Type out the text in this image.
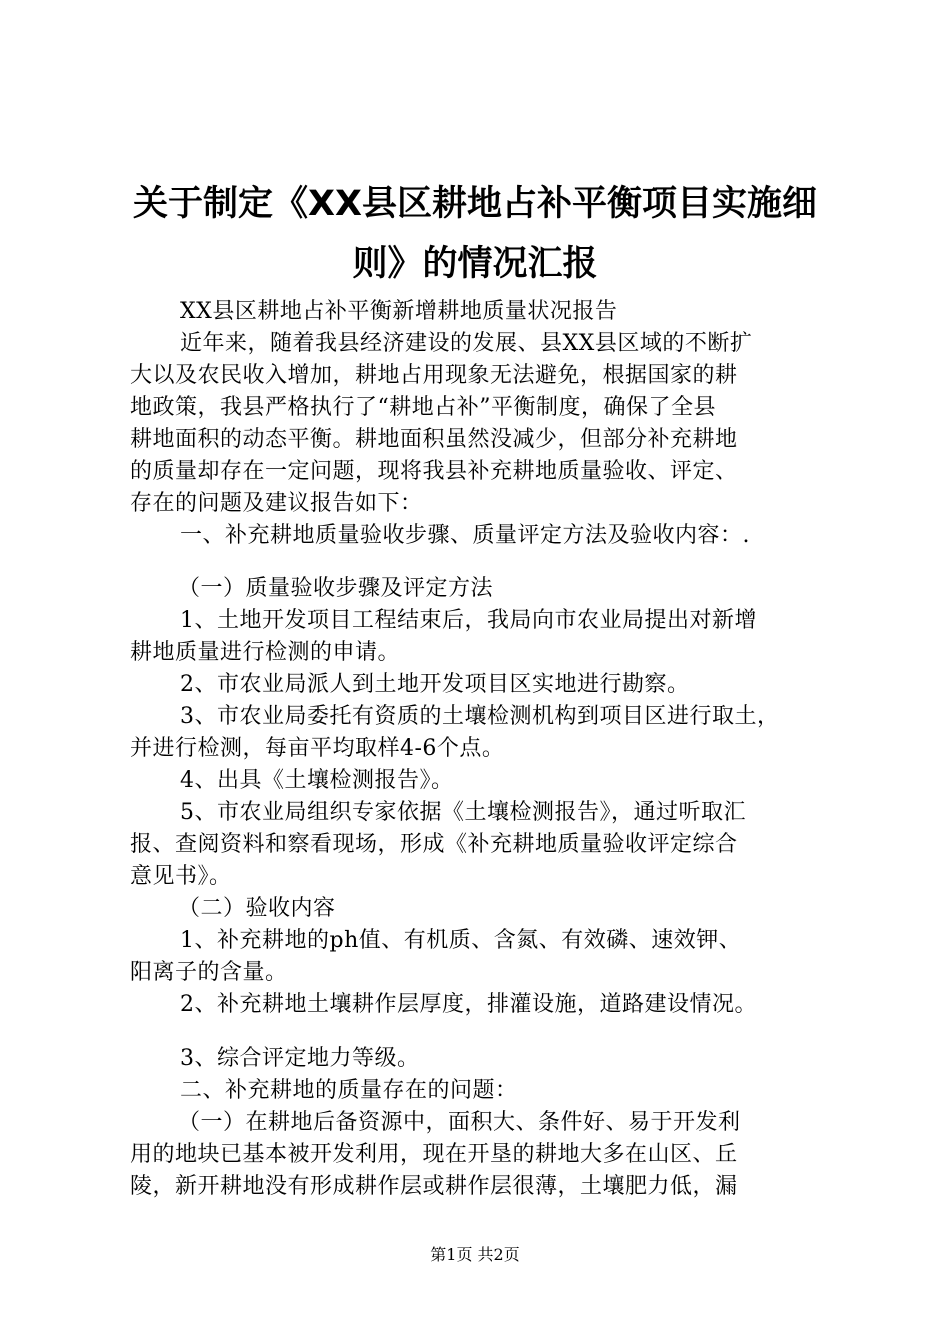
关于制定《XX县区耕地占补平衡项目实施细
则》的情况汇报
XX县区耕地占补平衡新增耕地质量状况报告
近年来，随着我县经济建设的发展、县XX县区域的不断扩
大以及农民收入增加，耕地占用现象无法避免，根据国家的耕
地政策，我县严格执行了“耕地占补”平衡制度，确保了全县
耕地面积的动态平衡。耕地面积虽然没减少，但部分补充耕地
的质量却存在一定问题，现将我县补充耕地质量验收、评定、
存在的问题及建议报告如下：
一、补充耕地质量验收步骤、质量评定方法及验收内容：.
（一）质量验收步骤及评定方法
1、土地开发项目工程结束后，我局向市农业局提出对新增
耕地质量进行检测的申请。
2、市农业局派人到土地开发项目区实地进行勘察。
3、市农业局委托有资质的土壤检测机构到项目区进行取土，
并进行检测，每亩平均取样4-6个点。
4、出具《土壤检测报告》。
5、市农业局组织专家依据《土壤检测报告》，通过听取汇
报、查阅资料和察看现场，形成《补充耕地质量验收评定综合
意见书》。
（二）验收内容
1、补充耕地的ph值、有机质、含氮、有效磷、速效钾、
阳离子的含量。
2、补充耕地土壤耕作层厚度，排灌设施，道路建设情况。
3、综合评定地力等级。
二、补充耕地的质量存在的问题：
（一）在耕地后备资源中，面积大、条件好、易于开发利
用的地块已基本被开发利用，现在开垦的耕地大多在山区、丘
陵，新开耕地没有形成耕作层或耕作层很薄，土壤肥力低，漏
第1页 共2页
